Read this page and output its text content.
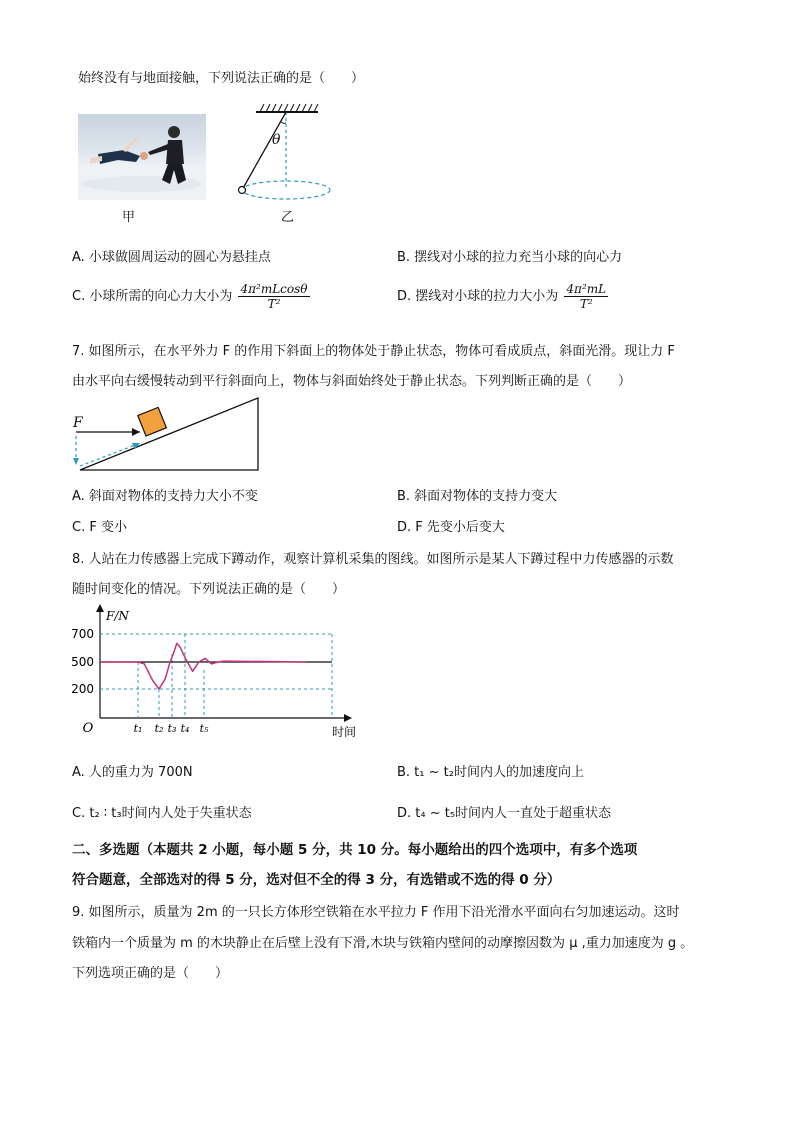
始终没有与地面接触，下列说法正确的是（　　）
甲
θ
乙
A. 小球做圆周运动的圆心为悬挂点	B. 摆线对小球的拉力充当小球的向心力
C. 小球所需的向心力大小为 $\frac{\text{4π²mLcosθ}}{\text{T²}}$	D. 摆线对小球的拉力大小为 $\frac{\text{4π²mL}}{\text{T²}}$
7. 如图所示，在水平外力 F 的作用下斜面上的物体处于静止状态，物体可看成质点，斜面光滑。现让力 F
由水平向右缓慢转动到平行斜面向上，物体与斜面始终处于静止状态。下列判断正确的是（　　）
F
A. 斜面对物体的支持力大小不变	B. 斜面对物体的支持力变大
C. F 变小	D. F 先变小后变大
8. 人站在力传感器上完成下蹲动作，观察计算机采集的图线。如图所示是某人下蹲过程中力传感器的示数
随时间变化的情况。下列说法正确的是（　　）
700
500
200
O
F/N
时间
t₁ t₂ t₃ t₄ t₅
A. 人的重力为 700N	B. t₁ ~ t₂时间内人的加速度向上
C. t₂ ∶ t₃时间内人处于失重状态	D. t₄ ~ t₅时间内人一直处于超重状态
二、多选题（本题共 2 小题，每小题 5 分，共 10 分。每小题给出的四个选项中，有多个选项
符合题意，全部选对的得 5 分，选对但不全的得 3 分，有选错或不选的得 0 分）
9. 如图所示，质量为 2m 的一只长方体形空铁箱在水平拉力 F 作用下沿光滑水平面向右匀加速运动。这时
铁箱内一个质量为 m 的木块静止在后壁上没有下滑,木块与铁箱内壁间的动摩擦因数为 μ ,重力加速度为 g 。
下列选项正确的是（　　）
